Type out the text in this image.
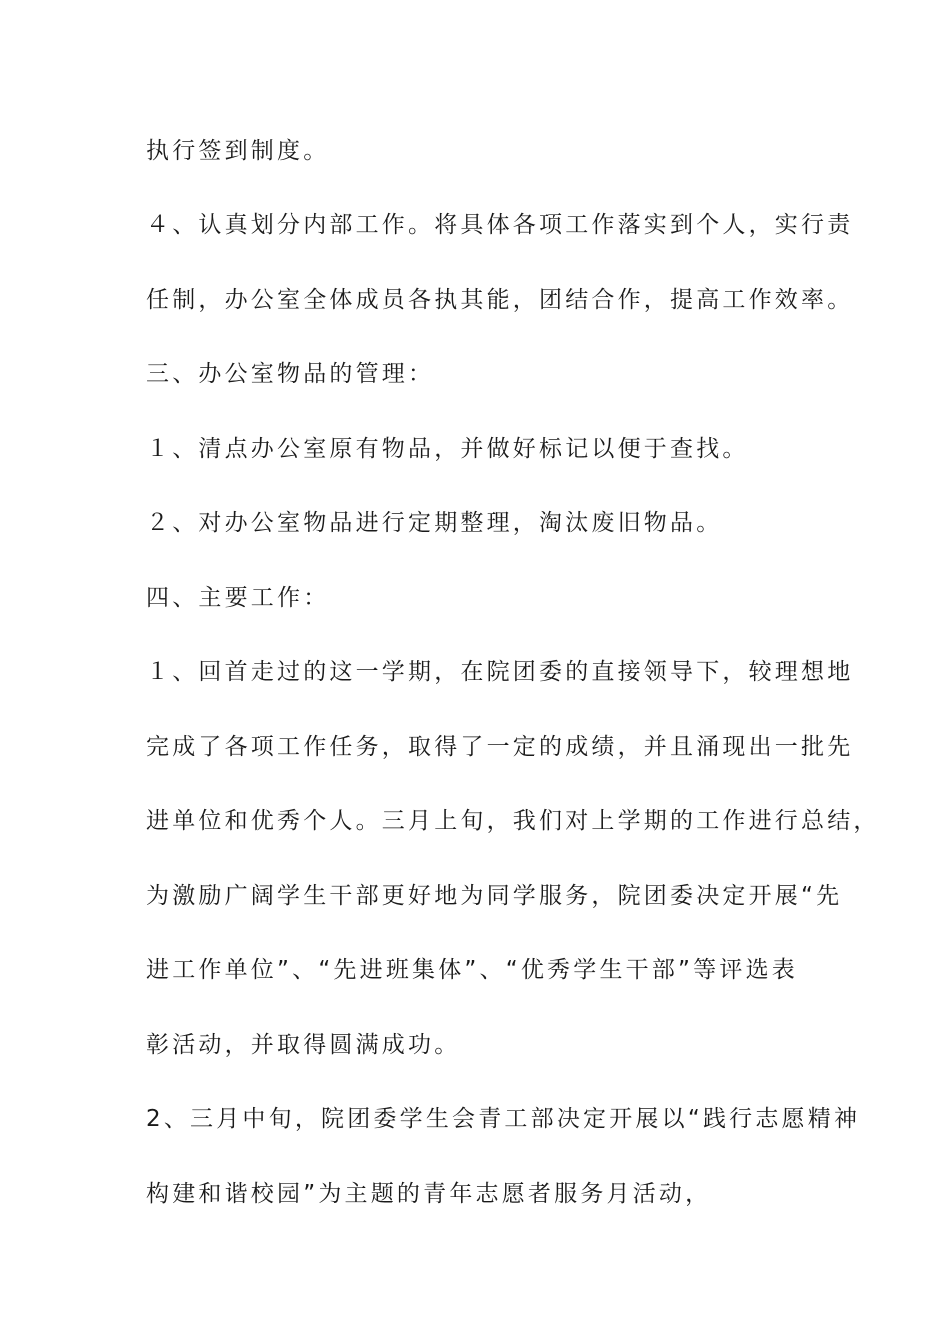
执行签到制度。
４、认真划分内部工作。将具体各项工作落实到个人，实行责
任制，办公室全体成员各执其能，团结合作，提高工作效率。
三、办公室物品的管理：
１、清点办公室原有物品，并做好标记以便于查找。
２、对办公室物品进行定期整理，淘汰废旧物品。
四、主要工作：
１、回首走过的这一学期，在院团委的直接领导下，较理想地
完成了各项工作任务，取得了一定的成绩，并且涌现出一批先
进单位和优秀个人。三月上旬，我们对上学期的工作进行总结，
为激励广阔学生干部更好地为同学服务，院团委决定开展“先
进工作单位”、“先进班集体”、“优秀学生干部”等评选表
彰活动，并取得圆满成功。
2、三月中旬，院团委学生会青工部决定开展以“践行志愿精神
构建和谐校园”为主题的青年志愿者服务月活动，
